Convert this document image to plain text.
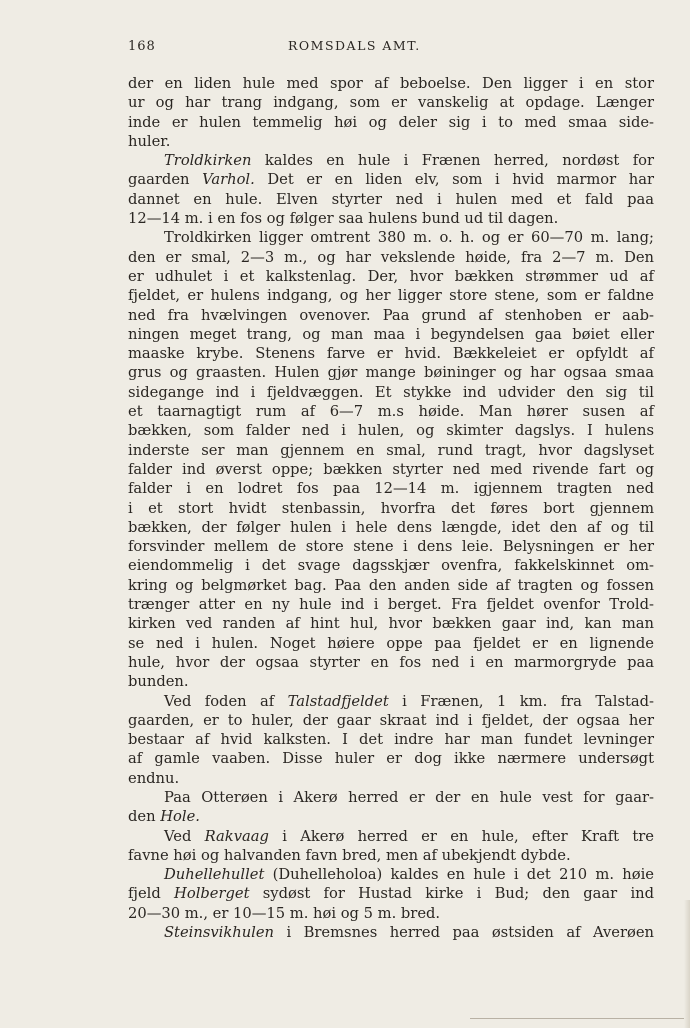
168	ROMSDALS AMT.
der en liden hule med spor af beboelse. Den ligger i en stor
ur og har trang indgang, som er vanskelig at opdage. Længer
inde er hulen temmelig høi og deler sig i to med smaa side-
huler.
Troldkirken kaldes en hule i Frænen herred, nordøst for
gaarden Varhol. Det er en liden elv, som i hvid marmor har
dannet en hule. Elven styrter ned i hulen med et fald paa
12—14 m. i en fos og følger saa hulens bund ud til dagen.
Troldkirken ligger omtrent 380 m. o. h. og er 60—70 m. lang;
den er smal, 2—3 m., og har vekslende høide, fra 2—7 m. Den
er udhulet i et kalkstenlag. Der, hvor bækken strømmer ud af
fjeldet, er hulens indgang, og her ligger store stene, som er faldne
ned fra hvælvingen ovenover. Paa grund af stenhoben er aab-
ningen meget trang, og man maa i begyndelsen gaa bøiet eller
maaske krybe. Stenens farve er hvid. Bækkeleiet er opfyldt af
grus og graasten. Hulen gjør mange bøininger og har ogsaa smaa
sidegange ind i fjeldvæggen. Et stykke ind udvider den sig til
et taarnagtigt rum af 6—7 m.s høide. Man hører susen af
bækken, som falder ned i hulen, og skimter dagslys. I hulens
inderste ser man gjennem en smal, rund tragt, hvor dagslyset
falder ind øverst oppe; bækken styrter ned med rivende fart og
falder i en lodret fos paa 12—14 m. igjennem tragten ned
i et stort hvidt stenbassin, hvorfra det føres bort gjennem
bækken, der følger hulen i hele dens længde, idet den af og til
forsvinder mellem de store stene i dens leie. Belysningen er her
eiendommelig i det svage dagsskjær ovenfra, fakkelskinnet om-
kring og belgmørket bag. Paa den anden side af tragten og fossen
trænger atter en ny hule ind i berget. Fra fjeldet ovenfor Trold-
kirken ved randen af hint hul, hvor bækken gaar ind, kan man
se ned i hulen. Noget høiere oppe paa fjeldet er en lignende
hule, hvor der ogsaa styrter en fos ned i en marmorgryde paa
bunden.
Ved foden af Talstadfjeldet i Frænen, 1 km. fra Talstad-
gaarden, er to huler, der gaar skraat ind i fjeldet, der ogsaa her
bestaar af hvid kalksten. I det indre har man fundet levninger
af gamle vaaben. Disse huler er dog ikke nærmere undersøgt
endnu.
Paa Otterøen i Akerø herred er der en hule vest for gaar-
den Hole.
Ved Rakvaag i Akerø herred er en hule, efter Kraft tre
favne høi og halvanden favn bred, men af ubekjendt dybde.
Duhellehullet (Duhelleholoa) kaldes en hule i det 210 m. høie
fjeld Holberget sydøst for Hustad kirke i Bud; den gaar ind
20—30 m., er 10—15 m. høi og 5 m. bred.
Steinsvikhulen i Bremsnes herred paa østsiden af Averøen
